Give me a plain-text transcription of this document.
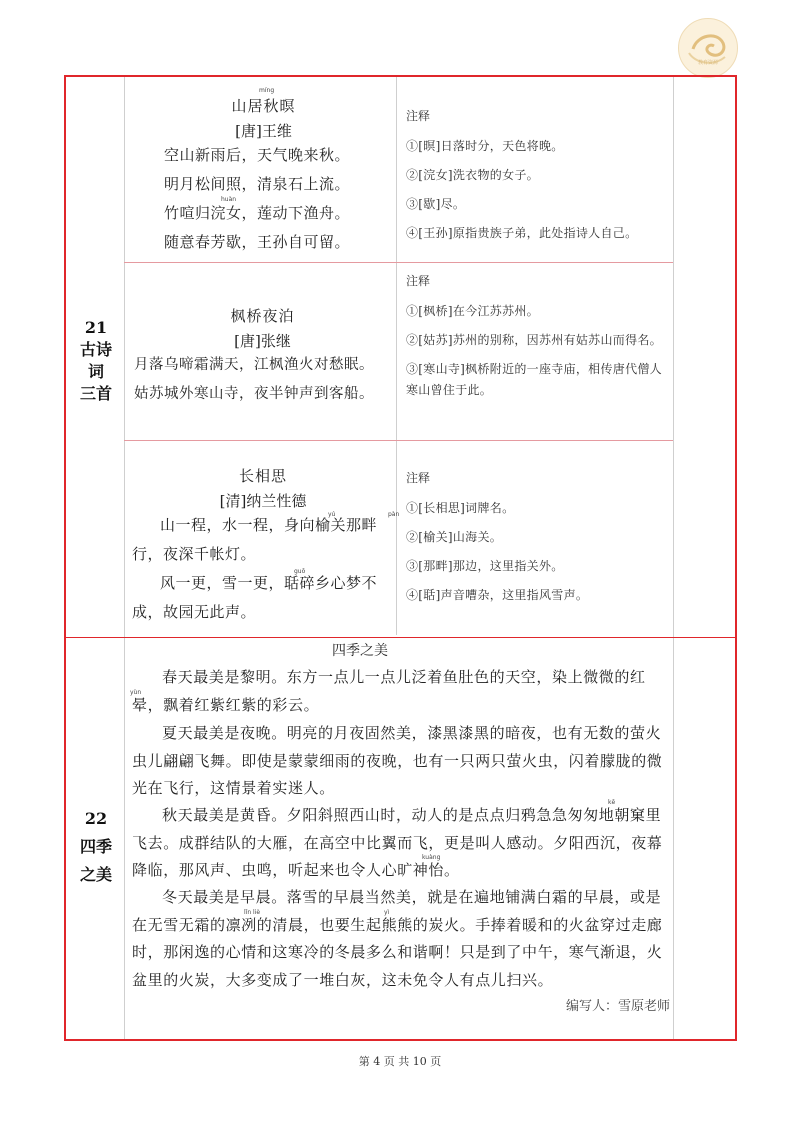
教育资源
21
古诗
词
三首
22
四季
之美
míng
山居秋暝
[唐]王维
空山新雨后，天气晚来秋。
明月松间照，清泉石上流。
竹喧归浣女，莲动下渔舟。
随意春芳歇，王孙自可留。
huàn
注释
①[暝]日落时分，天色将晚。
②[浣女]洗衣物的女子。
③[歇]尽。
④[王孙]原指贵族子弟，此处指诗人自己。
枫桥夜泊
[唐]张继
月落乌啼霜满天，江枫渔火对愁眠。
姑苏城外寒山寺，夜半钟声到客船。
注释
①[枫桥]在今江苏苏州。
②[姑苏]苏州的别称，因苏州有姑苏山而得名。
③[寒山寺]枫桥附近的一座寺庙，相传唐代僧人寒山曾住于此。
长相思
[清]纳兰性德
山一程，水一程，身向榆关那畔
行，夜深千帐灯。
风一更，雪一更，聒碎乡心梦不
成，故园无此声。
yú	pàn
guō
注释
①[长相思]词牌名。
②[榆关]山海关。
③[那畔]那边，这里指关外。
④[聒]声音嘈杂，这里指风雪声。
四季之美
yùn
kē
kuàng
yì
lǐn liè
春天最美是黎明。东方一点儿一点儿泛着鱼肚色的天空，染上微微的红晕，飘着红紫红紫的彩云。
夏天最美是夜晚。明亮的月夜固然美，漆黑漆黑的暗夜，也有无数的萤火虫儿翩翩飞舞。即使是蒙蒙细雨的夜晚，也有一只两只萤火虫，闪着朦胧的微光在飞行，这情景着实迷人。
秋天最美是黄昏。夕阳斜照西山时，动人的是点点归鸦急急匆匆地朝窠里飞去。成群结队的大雁，在高空中比翼而飞，更是叫人感动。夕阳西沉，夜幕降临，那风声、虫鸣，听起来也令人心旷神怡。
冬天最美是早晨。落雪的早晨当然美，就是在遍地铺满白霜的早晨，或是在无雪无霜的凛冽的清晨，也要生起熊熊的炭火。手捧着暖和的火盆穿过走廊时，那闲逸的心情和这寒冷的冬晨多么和谐啊！只是到了中午，寒气渐退，火盆里的火炭，大多变成了一堆白灰，这未免令人有点儿扫兴。
编写人：雪原老师
第 4 页 共 10 页
